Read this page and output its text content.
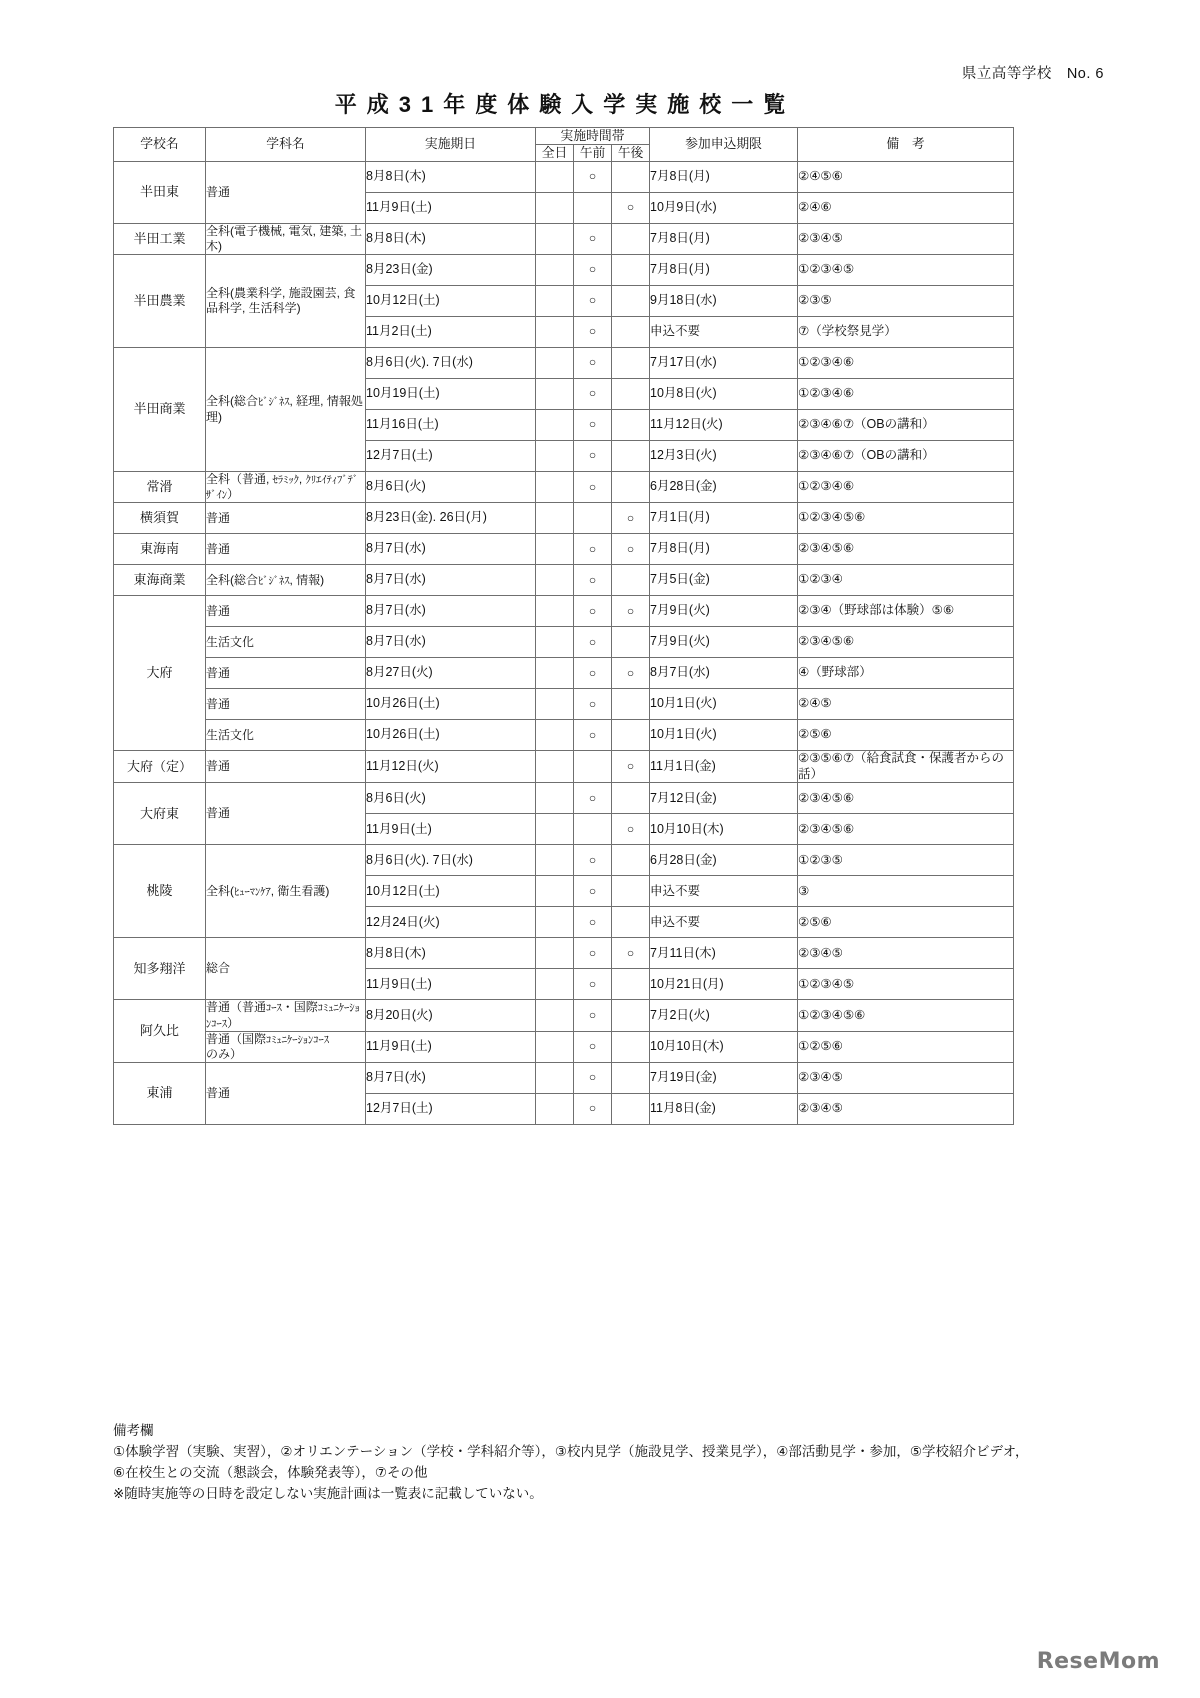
県立高等学校　No. 6
平成31年度体験入学実施校一覧
学校名	学科名	実施期日	実施時間帯			参加申込期限	備　考
			全日	午前	午後		
半田東	普通	8月8日(木)		○		7月8日(月)	②④⑤⑥
		11月9日(土)			○	10月9日(水)	②④⑥
半田工業	全科(電子機械, 電気, 建築, 土木)	8月8日(木)		○		7月8日(月)	②③④⑤
半田農業	全科(農業科学, 施設園芸, 食品科学, 生活科学)	8月23日(金)		○		7月8日(月)	①②③④⑤
		10月12日(土)		○		9月18日(水)	②③⑤
		11月2日(土)		○		申込不要	⑦（学校祭見学）
半田商業	全科(総合ﾋﾞｼﾞﾈｽ, 経理, 情報処理)	8月6日(火). 7日(水)		○		7月17日(水)	①②③④⑥
		10月19日(土)		○		10月8日(火)	①②③④⑥
		11月16日(土)		○		11月12日(火)	②③④⑥⑦（OBの講和）
		12月7日(土)		○		12月3日(火)	②③④⑥⑦（OBの講和）
常滑	全科（普通, ｾﾗﾐｯｸ, ｸﾘｴｲﾃｨﾌﾞﾃﾞｻﾞｲﾝ）	8月6日(火)		○		6月28日(金)	①②③④⑥
横須賀	普通	8月23日(金). 26日(月)			○	7月1日(月)	①②③④⑤⑥
東海南	普通	8月7日(水)		○	○	7月8日(月)	②③④⑤⑥
東海商業	全科(総合ﾋﾞｼﾞﾈｽ, 情報)	8月7日(水)		○		7月5日(金)	①②③④
大府	普通	8月7日(水)		○	○	7月9日(火)	②③④（野球部は体験）⑤⑥
	生活文化	8月7日(水)		○		7月9日(火)	②③④⑤⑥
	普通	8月27日(火)		○	○	8月7日(水)	④（野球部）
	普通	10月26日(土)		○		10月1日(火)	②④⑤
	生活文化	10月26日(土)		○		10月1日(火)	②⑤⑥
大府（定）	普通	11月12日(火)			○	11月1日(金)	②③⑤⑥⑦（給食試食・保護者からの話）
大府東	普通	8月6日(火)		○		7月12日(金)	②③④⑤⑥
		11月9日(土)			○	10月10日(木)	②③④⑤⑥
桃陵	全科(ﾋｭｰﾏﾝｹｱ, 衛生看護)	8月6日(火). 7日(水)		○		6月28日(金)	①②③⑤
		10月12日(土)		○		申込不要	③
		12月24日(火)		○		申込不要	②⑤⑥
知多翔洋	総合	8月8日(木)		○	○	7月11日(木)	②③④⑤
		11月9日(土)		○		10月21日(月)	①②③④⑤
阿久比	普通（普通ｺｰｽ・国際ｺﾐｭﾆｹｰｼｮﾝｺｰｽ）	8月20日(火)		○		7月2日(火)	①②③④⑤⑥
	普通（国際ｺﾐｭﾆｹｰｼｮﾝｺｰｽのみ）	11月9日(土)		○		10月10日(木)	①②⑤⑥
東浦	普通	8月7日(水)		○		7月19日(金)	②③④⑤
		12月7日(土)		○		11月8日(金)	②③④⑤
備考欄
①体験学習（実験、実習），②オリエンテーション（学校・学科紹介等），③校内見学（施設見学、授業見学），④部活動見学・参加，⑤学校紹介ビデオ，
⑥在校生との交流（懇談会，体験発表等），⑦その他
※随時実施等の日時を設定しない実施計画は一覧表に記載していない。
ReseMom
